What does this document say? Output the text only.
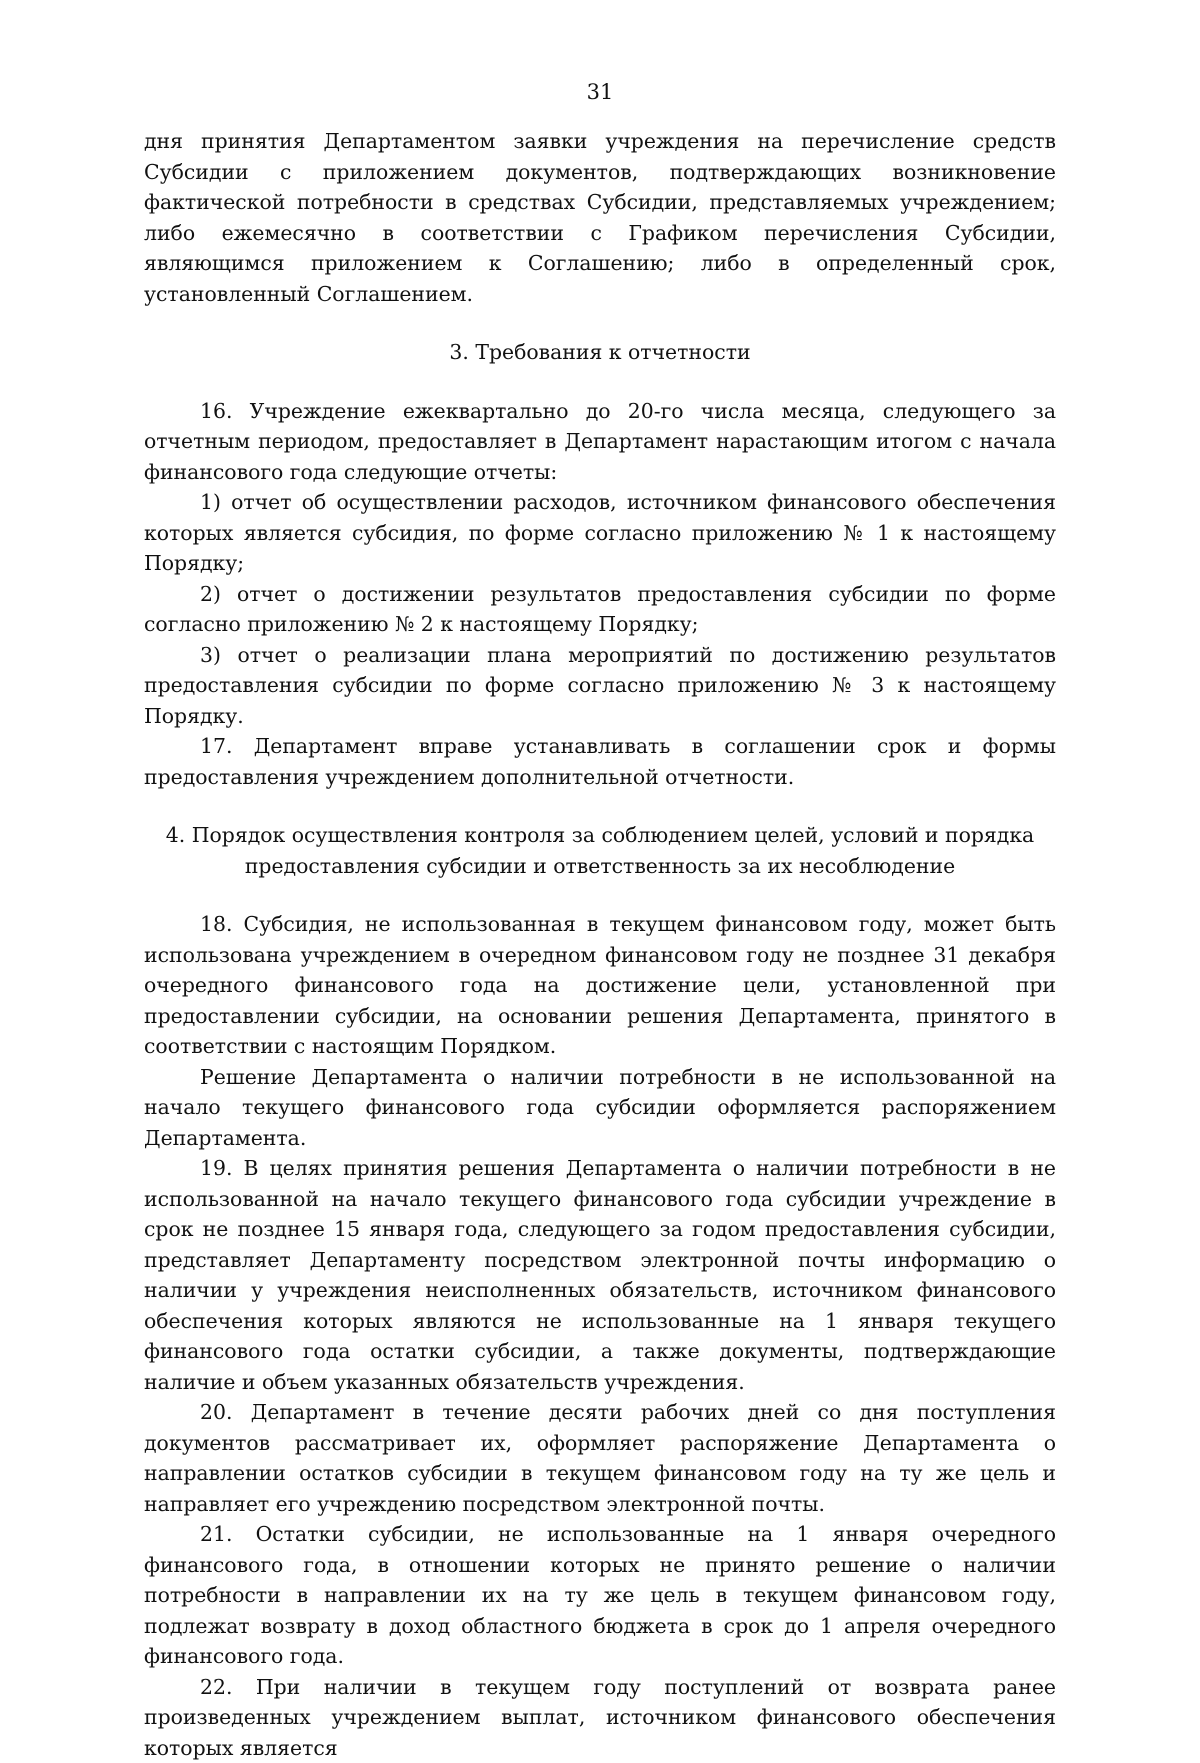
31

дня принятия Департаментом заявки учреждения на перечисление средств Субсидии с приложением документов, подтверждающих возникновение фактической потребности в средствах Субсидии, представляемых учреждением; либо ежемесячно в соответствии с Графиком перечисления Субсидии, являющимся приложением к Соглашению; либо в определенный срок, установленный Соглашением.

3. Требования к отчетности

16. Учреждение ежеквартально до 20-го числа месяца, следующего за отчетным периодом, предоставляет в Департамент нарастающим итогом с начала финансового года следующие отчеты:

1) отчет об осуществлении расходов, источником финансового обеспечения которых является субсидия, по форме согласно приложению № 1 к настоящему Порядку;

2) отчет о достижении результатов предоставления субсидии по форме согласно приложению № 2 к настоящему Порядку;

3) отчет о реализации плана мероприятий по достижению результатов предоставления субсидии по форме согласно приложению № 3 к настоящему Порядку.

17. Департамент вправе устанавливать в соглашении срок и формы предоставления учреждением дополнительной отчетности.

4. Порядок осуществления контроля за соблюдением целей, условий и порядка
предоставления субсидии и ответственность за их несоблюдение

18. Субсидия, не использованная в текущем финансовом году, может быть использована учреждением в очередном финансовом году не позднее 31 декабря очередного финансового года на достижение цели, установленной при предоставлении субсидии, на основании решения Департамента, принятого в соответствии с настоящим Порядком.

Решение Департамента о наличии потребности в не использованной на начало текущего финансового года субсидии оформляется распоряжением Департамента.

19. В целях принятия решения Департамента о наличии потребности в не использованной на начало текущего финансового года субсидии учреждение в срок не позднее 15 января года, следующего за годом предоставления субсидии, представляет Департаменту посредством электронной почты информацию о наличии у учреждения неисполненных обязательств, источником финансового обеспечения которых являются не использованные на 1 января текущего финансового года остатки субсидии, а также документы, подтверждающие наличие и объем указанных обязательств учреждения.

20. Департамент в течение десяти рабочих дней со дня поступления документов рассматривает их, оформляет распоряжение Департамента о направлении остатков субсидии в текущем финансовом году на ту же цель и направляет его учреждению посредством электронной почты.

21. Остатки субсидии, не использованные на 1 января очередного финансового года, в отношении которых не принято решение о наличии потребности в направлении их на ту же цель в текущем финансовом году, подлежат возврату в доход областного бюджета в срок до 1 апреля очередного финансового года.

22. При наличии в текущем году поступлений от возврата ранее произведенных учреждением выплат, источником финансового обеспечения которых является
